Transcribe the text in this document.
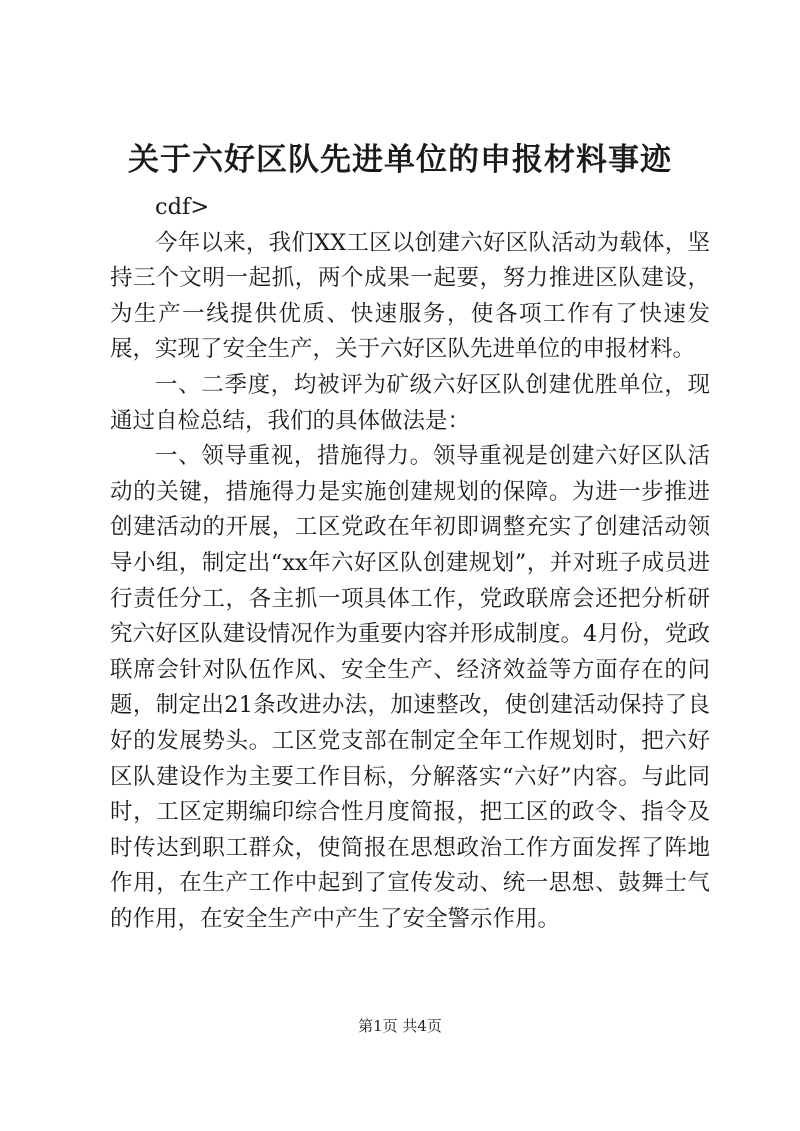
关于六好区队先进单位的申报材料事迹

cdf>

今年以来，我们XX工区以创建六好区队活动为载体，坚持三个文明一起抓，两个成果一起要，努力推进区队建设，为生产一线提供优质、快速服务，使各项工作有了快速发展，实现了安全生产，关于六好区队先进单位的申报材料。

一、二季度，均被评为矿级六好区队创建优胜单位，现通过自检总结，我们的具体做法是：

一、领导重视，措施得力。领导重视是创建六好区队活动的关键，措施得力是实施创建规划的保障。为进一步推进创建活动的开展，工区党政在年初即调整充实了创建活动领导小组，制定出“xx年六好区队创建规划”，并对班子成员进行责任分工，各主抓一项具体工作，党政联席会还把分析研究六好区队建设情况作为重要内容并形成制度。4月份，党政联席会针对队伍作风、安全生产、经济效益等方面存在的问题，制定出21条改进办法，加速整改，使创建活动保持了良好的发展势头。工区党支部在制定全年工作规划时，把六好区队建设作为主要工作目标，分解落实“六好”内容。与此同时，工区定期编印综合性月度简报，把工区的政令、指令及时传达到职工群众，使简报在思想政治工作方面发挥了阵地作用，在生产工作中起到了宣传发动、统一思想、鼓舞士气的作用，在安全生产中产生了安全警示作用。

第1页 共4页
